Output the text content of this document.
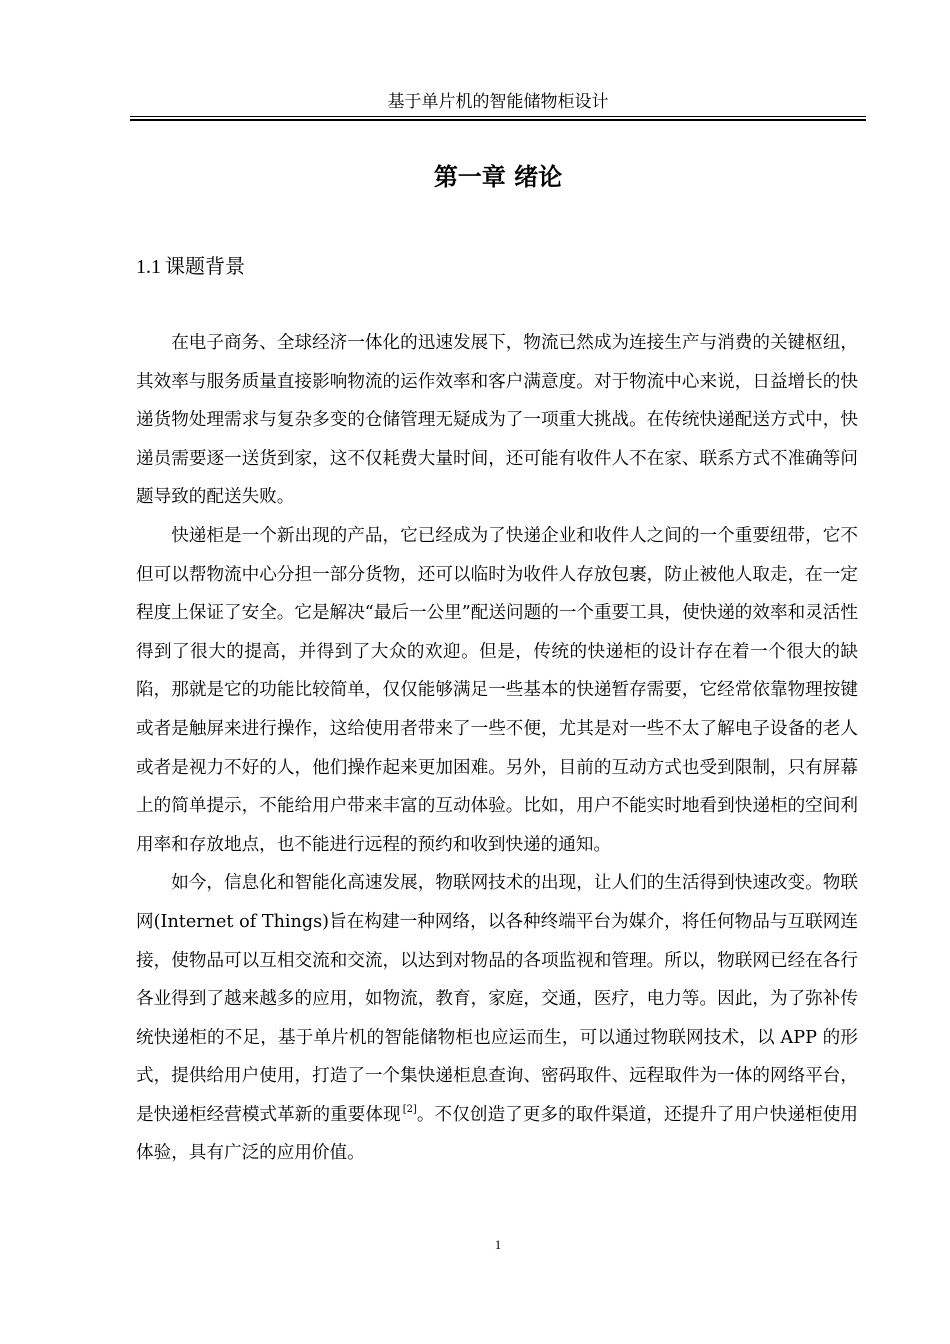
基于单片机的智能储物柜设计
第一章 绪论
1.1 课题背景

在电子商务、全球经济一体化的迅速发展下，物流已然成为连接生产与消费的关键枢纽，其效率与服务质量直接影响物流的运作效率和客户满意度。对于物流中心来说，日益增长的快递货物处理需求与复杂多变的仓储管理无疑成为了一项重大挑战。在传统快递配送方式中，快递员需要逐一送货到家，这不仅耗费大量时间，还可能有收件人不在家、联系方式不准确等问题导致的配送失败。

快递柜是一个新出现的产品，它已经成为了快递企业和收件人之间的一个重要纽带，它不但可以帮物流中心分担一部分货物，还可以临时为收件人存放包裹，防止被他人取走，在一定程度上保证了安全。它是解决“最后一公里”配送问题的一个重要工具，使快递的效率和灵活性得到了很大的提高，并得到了大众的欢迎。但是，传统的快递柜的设计存在着一个很大的缺陷，那就是它的功能比较简单，仅仅能够满足一些基本的快递暂存需要，它经常依靠物理按键或者是触屏来进行操作，这给使用者带来了一些不便，尤其是对一些不太了解电子设备的老人或者是视力不好的人，他们操作起来更加困难。另外，目前的互动方式也受到限制，只有屏幕上的简单提示，不能给用户带来丰富的互动体验。比如，用户不能实时地看到快递柜的空间利用率和存放地点，也不能进行远程的预约和收到快递的通知。

如今，信息化和智能化高速发展，物联网技术的出现，让人们的生活得到快速改变。物联网(Internet of Things)旨在构建一种网络，以各种终端平台为媒介，将任何物品与互联网连接，使物品可以互相交流和交流，以达到对物品的各项监视和管理。所以，物联网已经在各行各业得到了越来越多的应用，如物流，教育，家庭，交通，医疗，电力等。因此，为了弥补传统快递柜的不足，基于单片机的智能储物柜也应运而生，可以通过物联网技术，以 APP 的形式，提供给用户使用，打造了一个集快递柜息查询、密码取件、远程取件为一体的网络平台，是快递柜经营模式革新的重要体现 [2]。不仅创造了更多的取件渠道，还提升了用户快递柜使用体验，具有广泛的应用价值。

1
